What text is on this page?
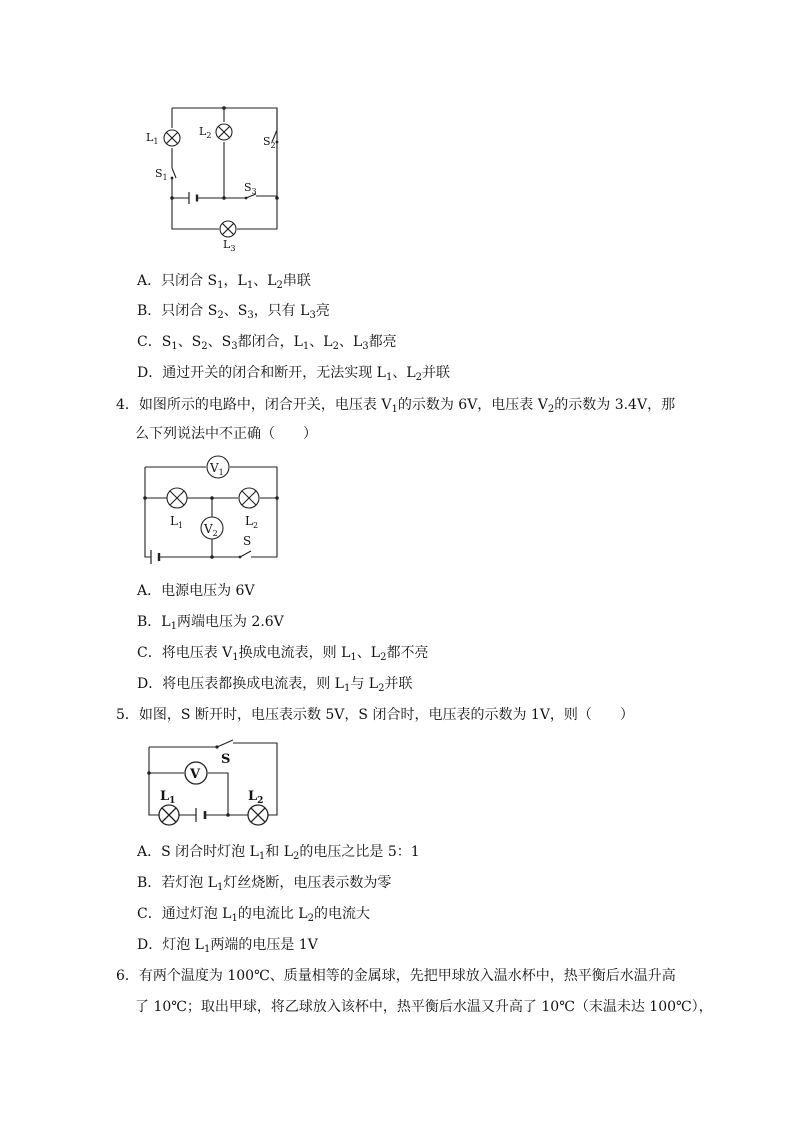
$L_1$
$L_2$
$L_3$
$S_1$
$S_2$
$S_3$
A．只闭合 $S_1$，$L_1$、$L_2$串联
B．只闭合 $S_2$、$S_3$，只有 $L_3$亮
C．$S_1$、$S_2$、$S_3$都闭合，$L_1$、$L_2$、$L_3$都亮
D．通过开关的闭合和断开，无法实现 $L_1$、$L_2$并联
4．如图所示的电路中，闭合开关，电压表 $V_1$的示数为 6V，电压表 $V_2$的示数为 3.4V，那
么下列说法中不正确（　　）
$V_1$
$V_2$
$L_1$	$L_2$
S
A．电源电压为 6V
B．$L_1$两端电压为 2.6V
C．将电压表 $V_1$换成电流表，则 $L_1$、$L_2$都不亮
D．将电压表都换成电流表，则 $L_1$与 $L_2$并联
5．如图，S 断开时，电压表示数 5V，S 闭合时，电压表的示数为 1V，则（　　）
V
S
$L_1$	$L_2$
A．S 闭合时灯泡 $L_1$和 $L_2$的电压之比是 5：1
B．若灯泡 $L_1$灯丝烧断，电压表示数为零
C．通过灯泡 $L_1$的电流比 $L_2$的电流大
D．灯泡 $L_1$两端的电压是 1V
6．有两个温度为 100℃、质量相等的金属球，先把甲球放入温水杯中，热平衡后水温升高
了 10℃；取出甲球，将乙球放入该杯中，热平衡后水温又升高了 10℃（末温未达 100℃），
